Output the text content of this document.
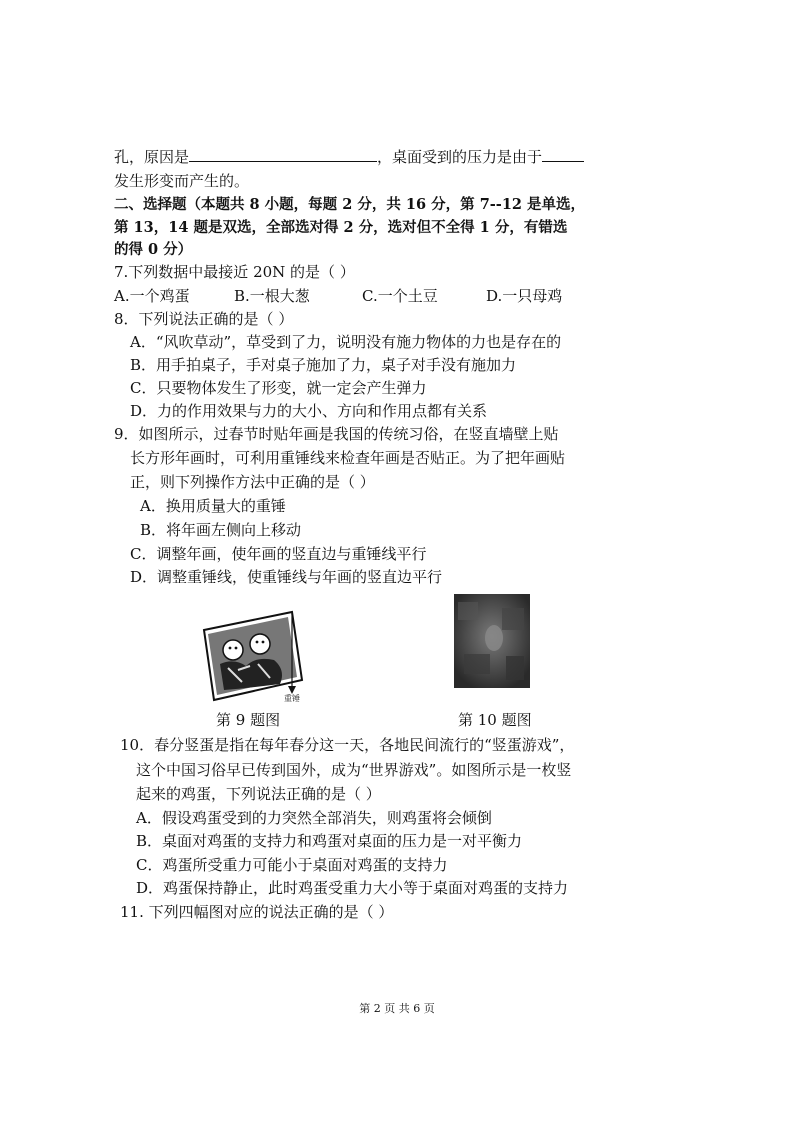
孔，原因是	，桌面受到的压力是由于
发生形变而产生的。
二、选择题（本题共 8 小题，每题 2 分，共 16 分，第 7--12 是单选，
第 13，14 题是双选，全部选对得 2 分，选对但不全得 1 分，有错选
的得 0 分）
7.下列数据中最接近 20N 的是（ ）
A.一个鸡蛋	B.一根大葱	C.一个土豆	D.一只母鸡
8．下列说法正确的是（ ）
A．“风吹草动”，草受到了力，说明没有施力物体的力也是存在的
B．用手拍桌子，手对桌子施加了力，桌子对手没有施加力
C．只要物体发生了形变，就一定会产生弹力
D．力的作用效果与力的大小、方向和作用点都有关系
9．如图所示，过春节时贴年画是我国的传统习俗，在竖直墙壁上贴
长方形年画时，可利用重锤线来检查年画是否贴正。为了把年画贴
正，则下列操作方法中正确的是（ ）
A．换用质量大的重锤
B．将年画左侧向上移动
C．调整年画，使年画的竖直边与重锤线平行
D．调整重锤线，使重锤线与年画的竖直边平行
重锤
第 9 题图	第 10 题图
10．春分竖蛋是指在每年春分这一天，各地民间流行的“竖蛋游戏”，
这个中国习俗早已传到国外，成为“世界游戏”。如图所示是一枚竖
起来的鸡蛋，下列说法正确的是（ ）
A．假设鸡蛋受到的力突然全部消失，则鸡蛋将会倾倒
B．桌面对鸡蛋的支持力和鸡蛋对桌面的压力是一对平衡力
C．鸡蛋所受重力可能小于桌面对鸡蛋的支持力
D．鸡蛋保持静止，此时鸡蛋受重力大小等于桌面对鸡蛋的支持力
11. 下列四幅图对应的说法正确的是（ ）
第 2 页 共 6 页
